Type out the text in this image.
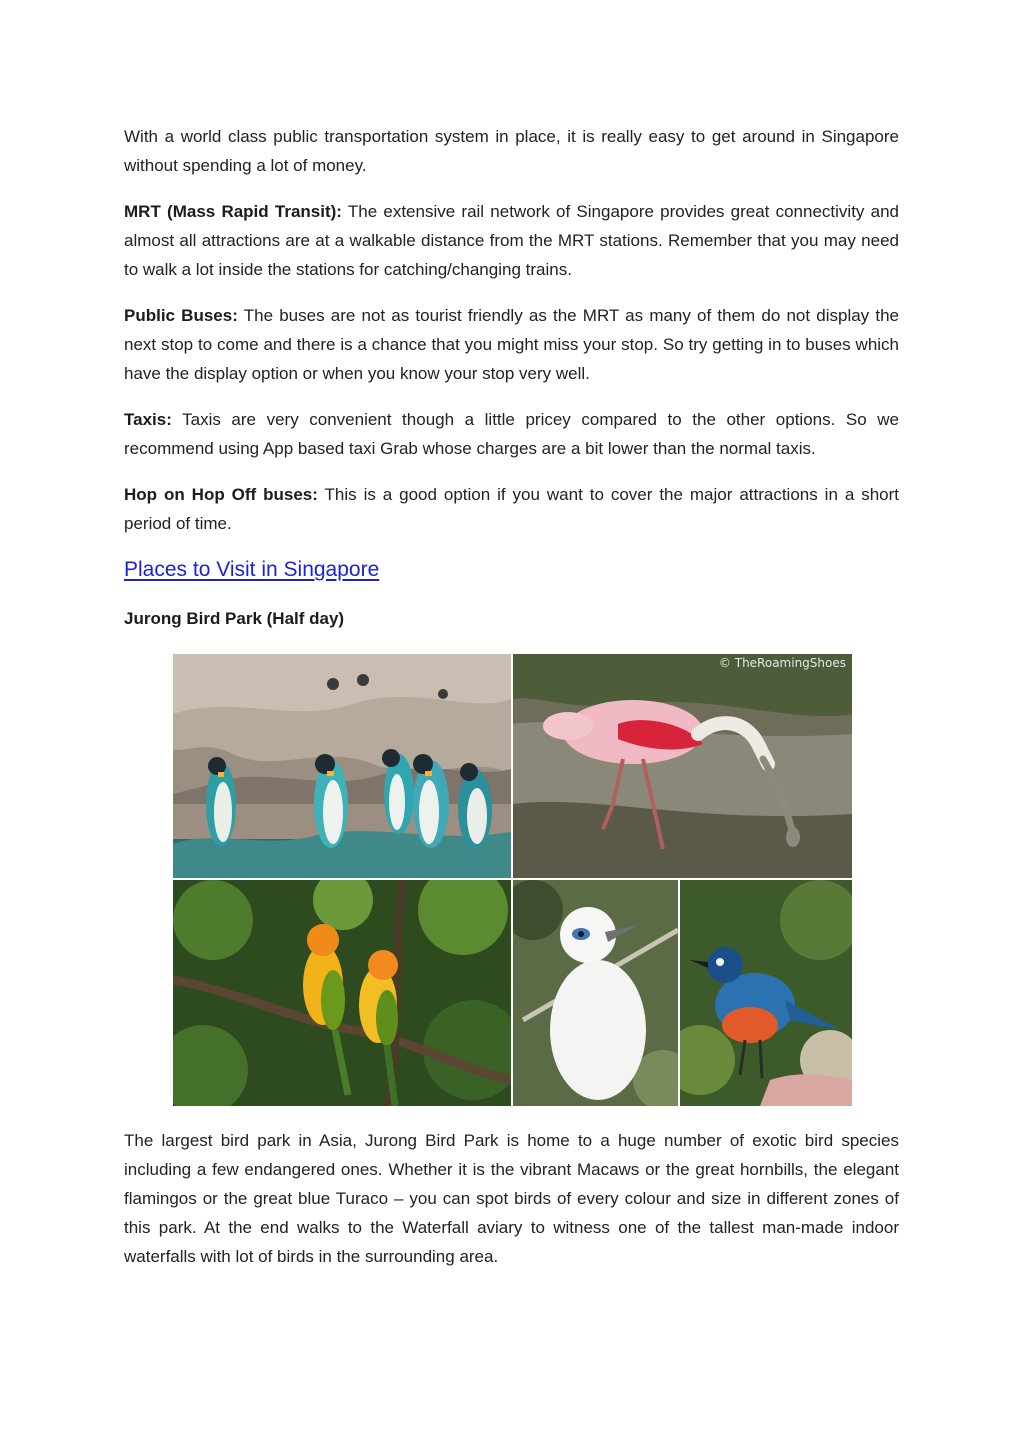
With a world class public transportation system in place, it is really easy to get around in Singapore without spending a lot of money.

MRT (Mass Rapid Transit): The extensive rail network of Singapore provides great connectivity and almost all attractions are at a walkable distance from the MRT stations. Remember that you may need to walk a lot inside the stations for catching/changing trains.

Public Buses: The buses are not as tourist friendly as the MRT as many of them do not display the next stop to come and there is a chance that you might miss your stop. So try getting in to buses which have the display option or when you know your stop very well.

Taxis: Taxis are very convenient though a little pricey compared to the other options. So we recommend using App based taxi Grab whose charges are a bit lower than the normal taxis.

Hop on Hop Off buses: This is a good option if you want to cover the major attractions in a short period of time.

Places to Visit in Singapore
Jurong Bird Park (Half day)

The largest bird park in Asia, Jurong Bird Park is home to a huge number of exotic bird species including a few endangered ones. Whether it is the vibrant Macaws or the great hornbills, the elegant flamingos or the great blue Turaco – you can spot birds of every colour and size in different zones of this park. At the end walks to the Waterfall aviary to witness one of the tallest man-made indoor waterfalls with lot of birds in the surrounding area.

© TheRoamingShoes
